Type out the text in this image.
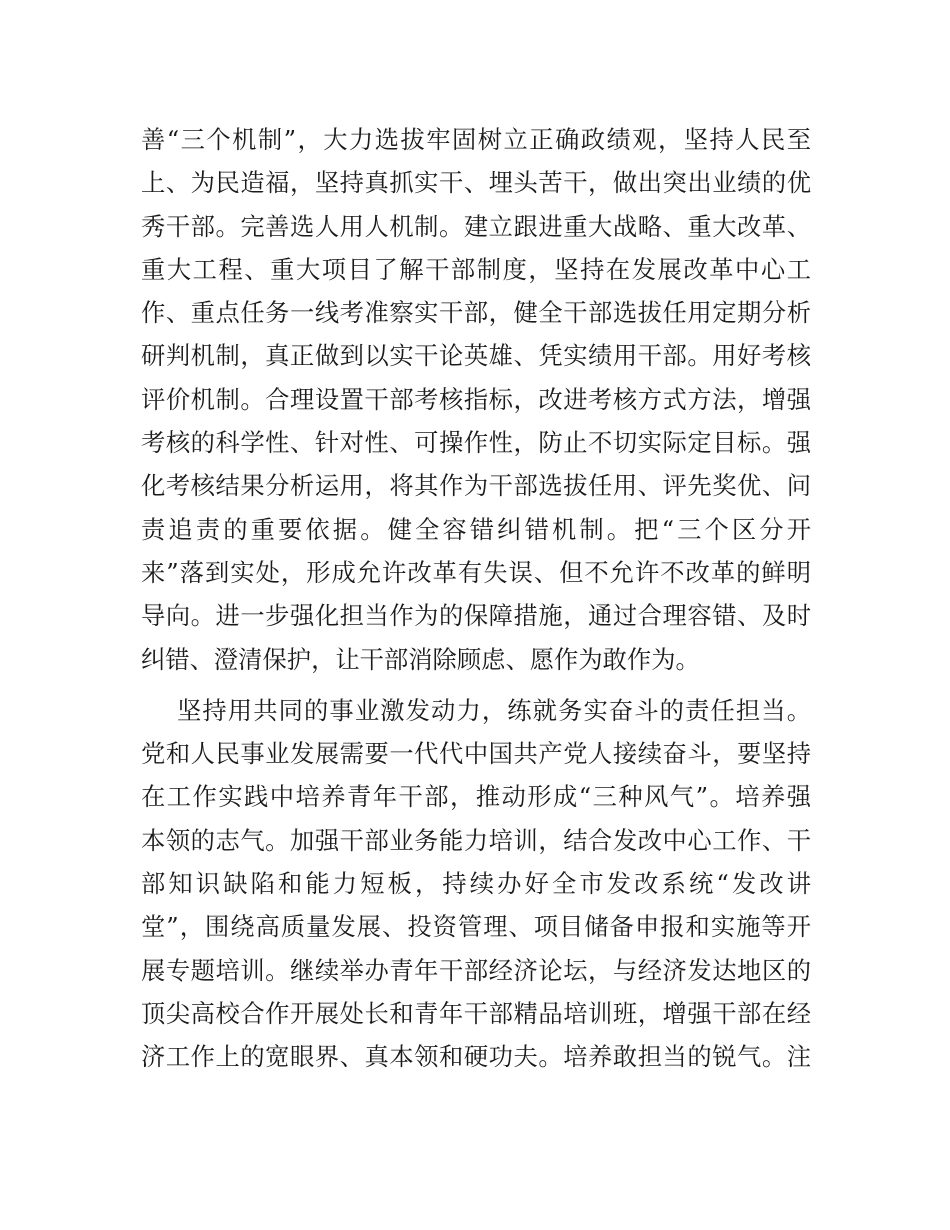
善“三个机制”，大力选拔牢固树立正确政绩观，坚持人民至
上、为民造福，坚持真抓实干、埋头苦干，做出突出业绩的优
秀干部。完善选人用人机制。建立跟进重大战略、重大改革、
重大工程、重大项目了解干部制度，坚持在发展改革中心工
作、重点任务一线考准察实干部，健全干部选拔任用定期分析
研判机制，真正做到以实干论英雄、凭实绩用干部。用好考核
评价机制。合理设置干部考核指标，改进考核方式方法，增强
考核的科学性、针对性、可操作性，防止不切实际定目标。强
化考核结果分析运用，将其作为干部选拔任用、评先奖优、问
责追责的重要依据。健全容错纠错机制。把“三个区分开
来”落到实处，形成允许改革有失误、但不允许不改革的鲜明
导向。进一步强化担当作为的保障措施，通过合理容错、及时
纠错、澄清保护，让干部消除顾虑、愿作为敢作为。

坚持用共同的事业激发动力，练就务实奋斗的责任担当。
党和人民事业发展需要一代代中国共产党人接续奋斗，要坚持
在工作实践中培养青年干部，推动形成“三种风气”。培养强
本领的志气。加强干部业务能力培训，结合发改中心工作、干
部知识缺陷和能力短板，持续办好全市发改系统“发改讲
堂”，围绕高质量发展、投资管理、项目储备申报和实施等开
展专题培训。继续举办青年干部经济论坛，与经济发达地区的
顶尖高校合作开展处长和青年干部精品培训班，增强干部在经
济工作上的宽眼界、真本领和硬功夫。培养敢担当的锐气。注
